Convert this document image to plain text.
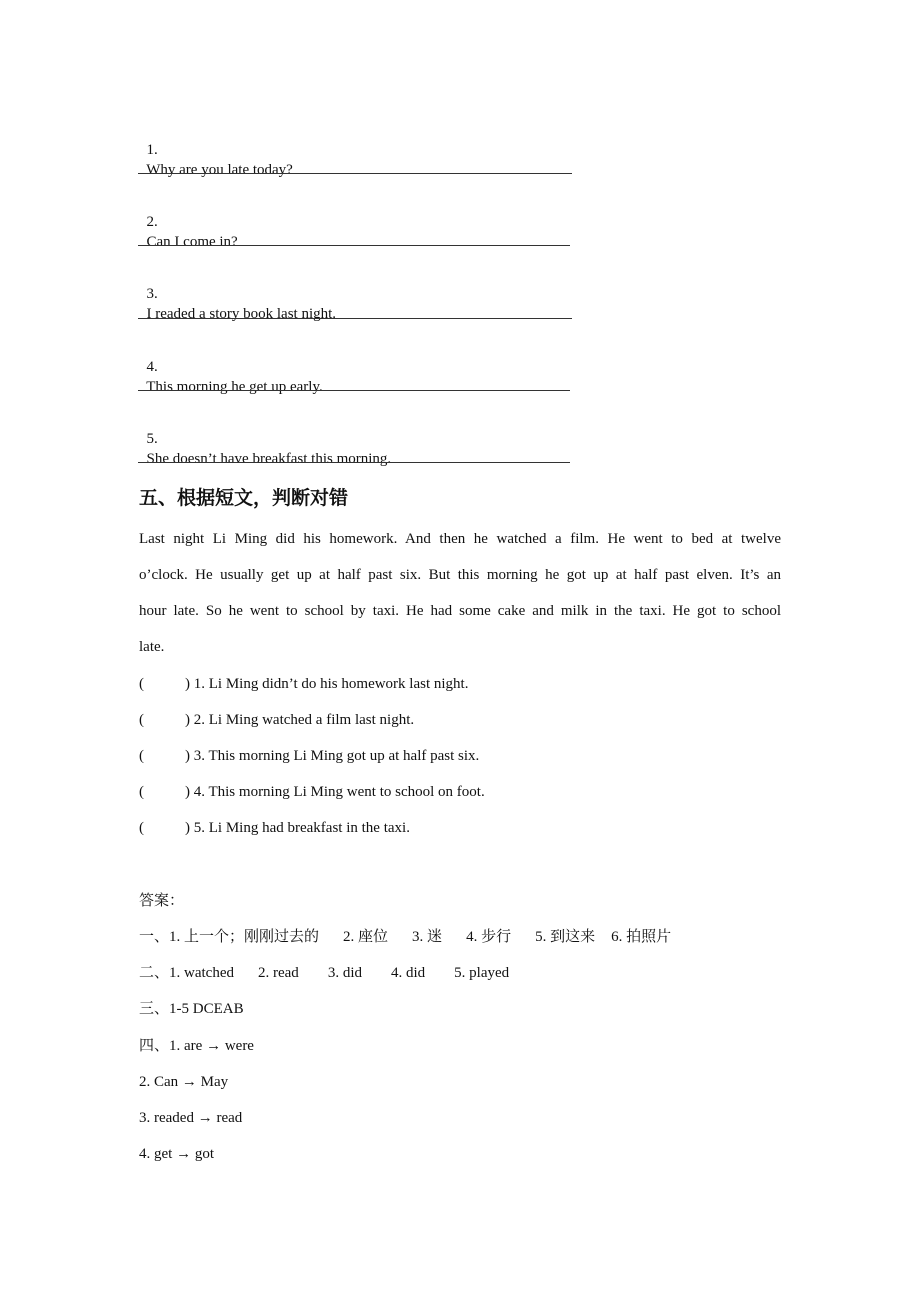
1.
Why are you late today?

2.
Can I come in?

3.
I readed a story book last night.

4.
This morning he get up early.

5.
She doesn’t have breakfast this morning.

五、根据短文，判断对错
Last night Li Ming did his homework. And then he watched a film. He went to bed at twelve
o’clock. He usually get up at half past six. But this morning he got up at half past elven. It’s an
hour late. So he went to school by taxi. He had some cake and milk in the taxi. He got to school
late.
(	) 1. Li Ming didn’t do his homework last night.
(	) 2. Li Ming watched a film last night.
(	) 3. This morning Li Ming got up at half past six.
(	) 4. This morning Li Ming went to school on foot.
(	) 5. Li Ming had breakfast in the taxi.
答案：
一、1. 上一个；刚刚过去的 2. 座位 3. 迷 4. 步行 5. 到这来 6. 拍照片
二、1. watched 2. read 3. did 4. did 5. played
三、1-5 DCEAB
四、1. are → were
2. Can → May
3. readed → read
4. get → got
